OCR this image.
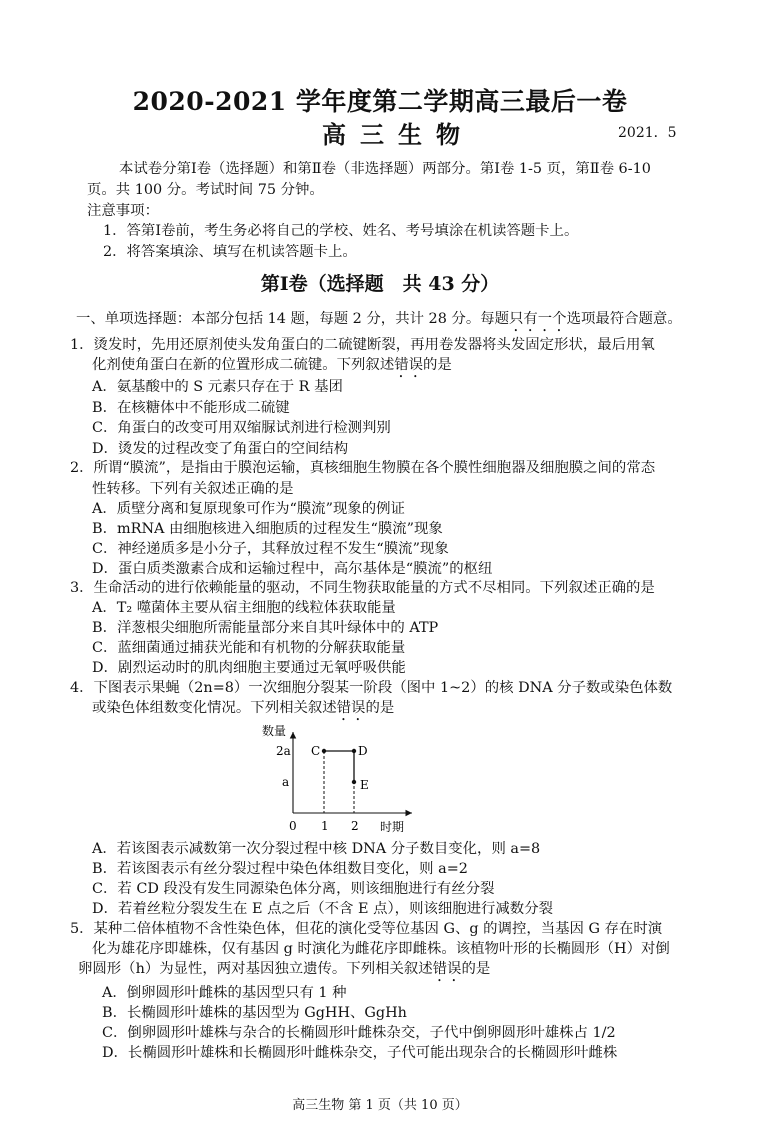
2020-2021 学年度第二学期高三最后一卷
高三生物	2021．5
本试卷分第Ⅰ卷（选择题）和第Ⅱ卷（非选择题）两部分。第Ⅰ卷 1-5 页，第Ⅱ卷 6-10
页。共 100 分。考试时间 75 分钟。
注意事项：
1．答第Ⅰ卷前，考生务必将自己的学校、姓名、考号填涂在机读答题卡上。
2．将答案填涂、填写在机读答题卡上。
第Ⅰ卷（选择题　共 43 分）
一、单项选择题：本部分包括 14 题，每题 2 分，共计 28 分。每题只有一个选项最符合题意。
1．烫发时，先用还原剂使头发角蛋白的二硫键断裂，再用卷发器将头发固定形状，最后用氧
化剂使角蛋白在新的位置形成二硫键。下列叙述错误的是
A．氨基酸中的 S 元素只存在于 R 基团
B．在核糖体中不能形成二硫键
C．角蛋白的改变可用双缩脲试剂进行检测判别
D．烫发的过程改变了角蛋白的空间结构
2．所谓“膜流”，是指由于膜泡运输，真核细胞生物膜在各个膜性细胞器及细胞膜之间的常态
性转移。下列有关叙述正确的是
A．质壁分离和复原现象可作为“膜流”现象的例证
B．mRNA 由细胞核进入细胞质的过程发生“膜流”现象
C．神经递质多是小分子，其释放过程不发生“膜流”现象
D．蛋白质类激素合成和运输过程中，高尔基体是“膜流”的枢纽
3．生命活动的进行依赖能量的驱动，不同生物获取能量的方式不尽相同。下列叙述正确的是
A．T₂ 噬菌体主要从宿主细胞的线粒体获取能量
B．洋葱根尖细胞所需能量部分来自其叶绿体中的 ATP
C．蓝细菌通过捕获光能和有机物的分解获取能量
D．剧烈运动时的肌肉细胞主要通过无氧呼吸供能
4．下图表示果蝇（2n=8）一次细胞分裂某一阶段（图中 1~2）的核 DNA 分子数或染色体数
或染色体组数变化情况。下列相关叙述错误的是
数量
时期
2a
a
0 1 2
C	D
E
A．若该图表示减数第一次分裂过程中核 DNA 分子数目变化，则 a=8
B．若该图表示有丝分裂过程中染色体组数目变化，则 a=2
C．若 CD 段没有发生同源染色体分离，则该细胞进行有丝分裂
D．若着丝粒分裂发生在 E 点之后（不含 E 点），则该细胞进行减数分裂
5．某种二倍体植物不含性染色体，但花的演化受等位基因 G、g 的调控，当基因 G 存在时演
化为雄花序即雄株，仅有基因 g 时演化为雌花序即雌株。该植物叶形的长椭圆形（H）对倒
卵圆形（h）为显性，两对基因独立遗传。下列相关叙述错误的是
A．倒卵圆形叶雌株的基因型只有 1 种
B．长椭圆形叶雄株的基因型为 GgHH、GgHh
C．倒卵圆形叶雄株与杂合的长椭圆形叶雌株杂交，子代中倒卵圆形叶雄株占 1/2
D．长椭圆形叶雄株和长椭圆形叶雌株杂交，子代可能出现杂合的长椭圆形叶雌株
高三生物 第 1 页（共 10 页）
